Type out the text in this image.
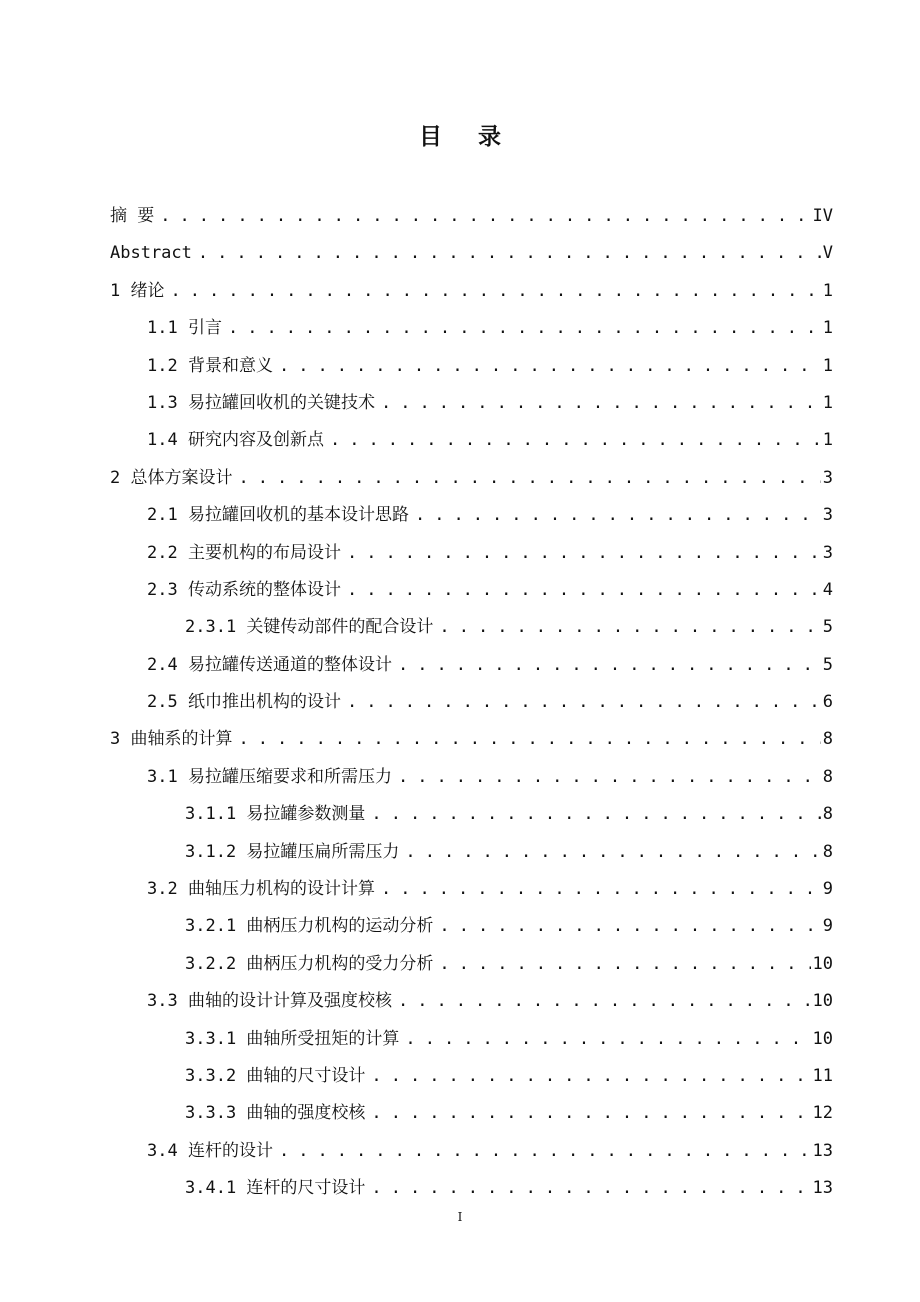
目 录
摘 要 . . .	IV
Abstract . . .	V
1 绪论 . . .	1
1.1 引言 . . .	1
1.2 背景和意义 . . .	1
1.3 易拉罐回收机的关键技术 . . .	1
1.4 研究内容及创新点 . . .	1
2 总体方案设计 . . .	3
2.1 易拉罐回收机的基本设计思路 . . .	3
2.2 主要机构的布局设计 . . .	3
2.3 传动系统的整体设计 . . .	4
2.3.1 关键传动部件的配合设计 . . .	5
2.4 易拉罐传送通道的整体设计 . . .	5
2.5 纸巾推出机构的设计 . . .	6
3 曲轴系的计算 . . .	8
3.1 易拉罐压缩要求和所需压力 . . .	8
3.1.1 易拉罐参数测量 . . .	8
3.1.2 易拉罐压扁所需压力 . . .	8
3.2 曲轴压力机构的设计计算 . . .	9
3.2.1 曲柄压力机构的运动分析 . . .	9
3.2.2 曲柄压力机构的受力分析 . . .	10
3.3 曲轴的设计计算及强度校核 . . .	10
3.3.1 曲轴所受扭矩的计算 . . .	10
3.3.2 曲轴的尺寸设计 . . .	11
3.3.3 曲轴的强度校核 . . .	12
3.4 连杆的设计 . . .	13
3.4.1 连杆的尺寸设计 . . .	13
I
